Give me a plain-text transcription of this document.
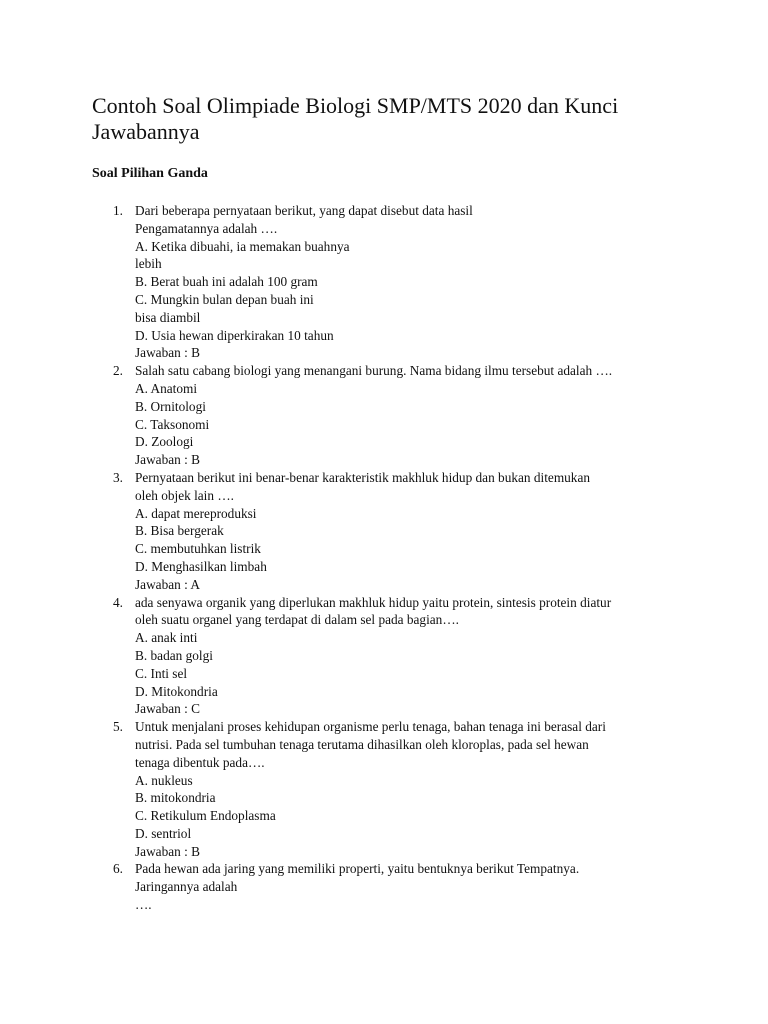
Contoh Soal Olimpiade Biologi SMP/MTS 2020 dan Kunci Jawabannya
Soal Pilihan Ganda
1. Dari beberapa pernyataan berikut, yang dapat disebut data hasil
Pengamatannya adalah ….
A. Ketika dibuahi, ia memakan buahnya
lebih
B. Berat buah ini adalah 100 gram
C. Mungkin bulan depan buah ini
bisa diambil
D. Usia hewan diperkirakan 10 tahun
Jawaban : B
2. Salah satu cabang biologi yang menangani burung. Nama bidang ilmu tersebut adalah ….
A. Anatomi
B. Ornitologi
C. Taksonomi
D. Zoologi
Jawaban : B
3. Pernyataan berikut ini benar-benar karakteristik makhluk hidup dan bukan ditemukan
oleh objek lain ….
A. dapat mereproduksi
B. Bisa bergerak
C. membutuhkan listrik
D. Menghasilkan limbah
Jawaban : A
4. ada senyawa organik yang diperlukan makhluk hidup yaitu protein, sintesis protein diatur
oleh suatu organel yang terdapat di dalam sel pada bagian….
A. anak inti
B. badan golgi
C. Inti sel
D. Mitokondria
Jawaban : C
5. Untuk menjalani proses kehidupan organisme perlu tenaga, bahan tenaga ini berasal dari
nutrisi. Pada sel tumbuhan tenaga terutama dihasilkan oleh kloroplas, pada sel hewan
tenaga dibentuk pada….
A. nukleus
B. mitokondria
C. Retikulum Endoplasma
D. sentriol
Jawaban : B
6. Pada hewan ada jaring yang memiliki properti, yaitu bentuknya berikut Tempatnya.
Jaringannya adalah
….
